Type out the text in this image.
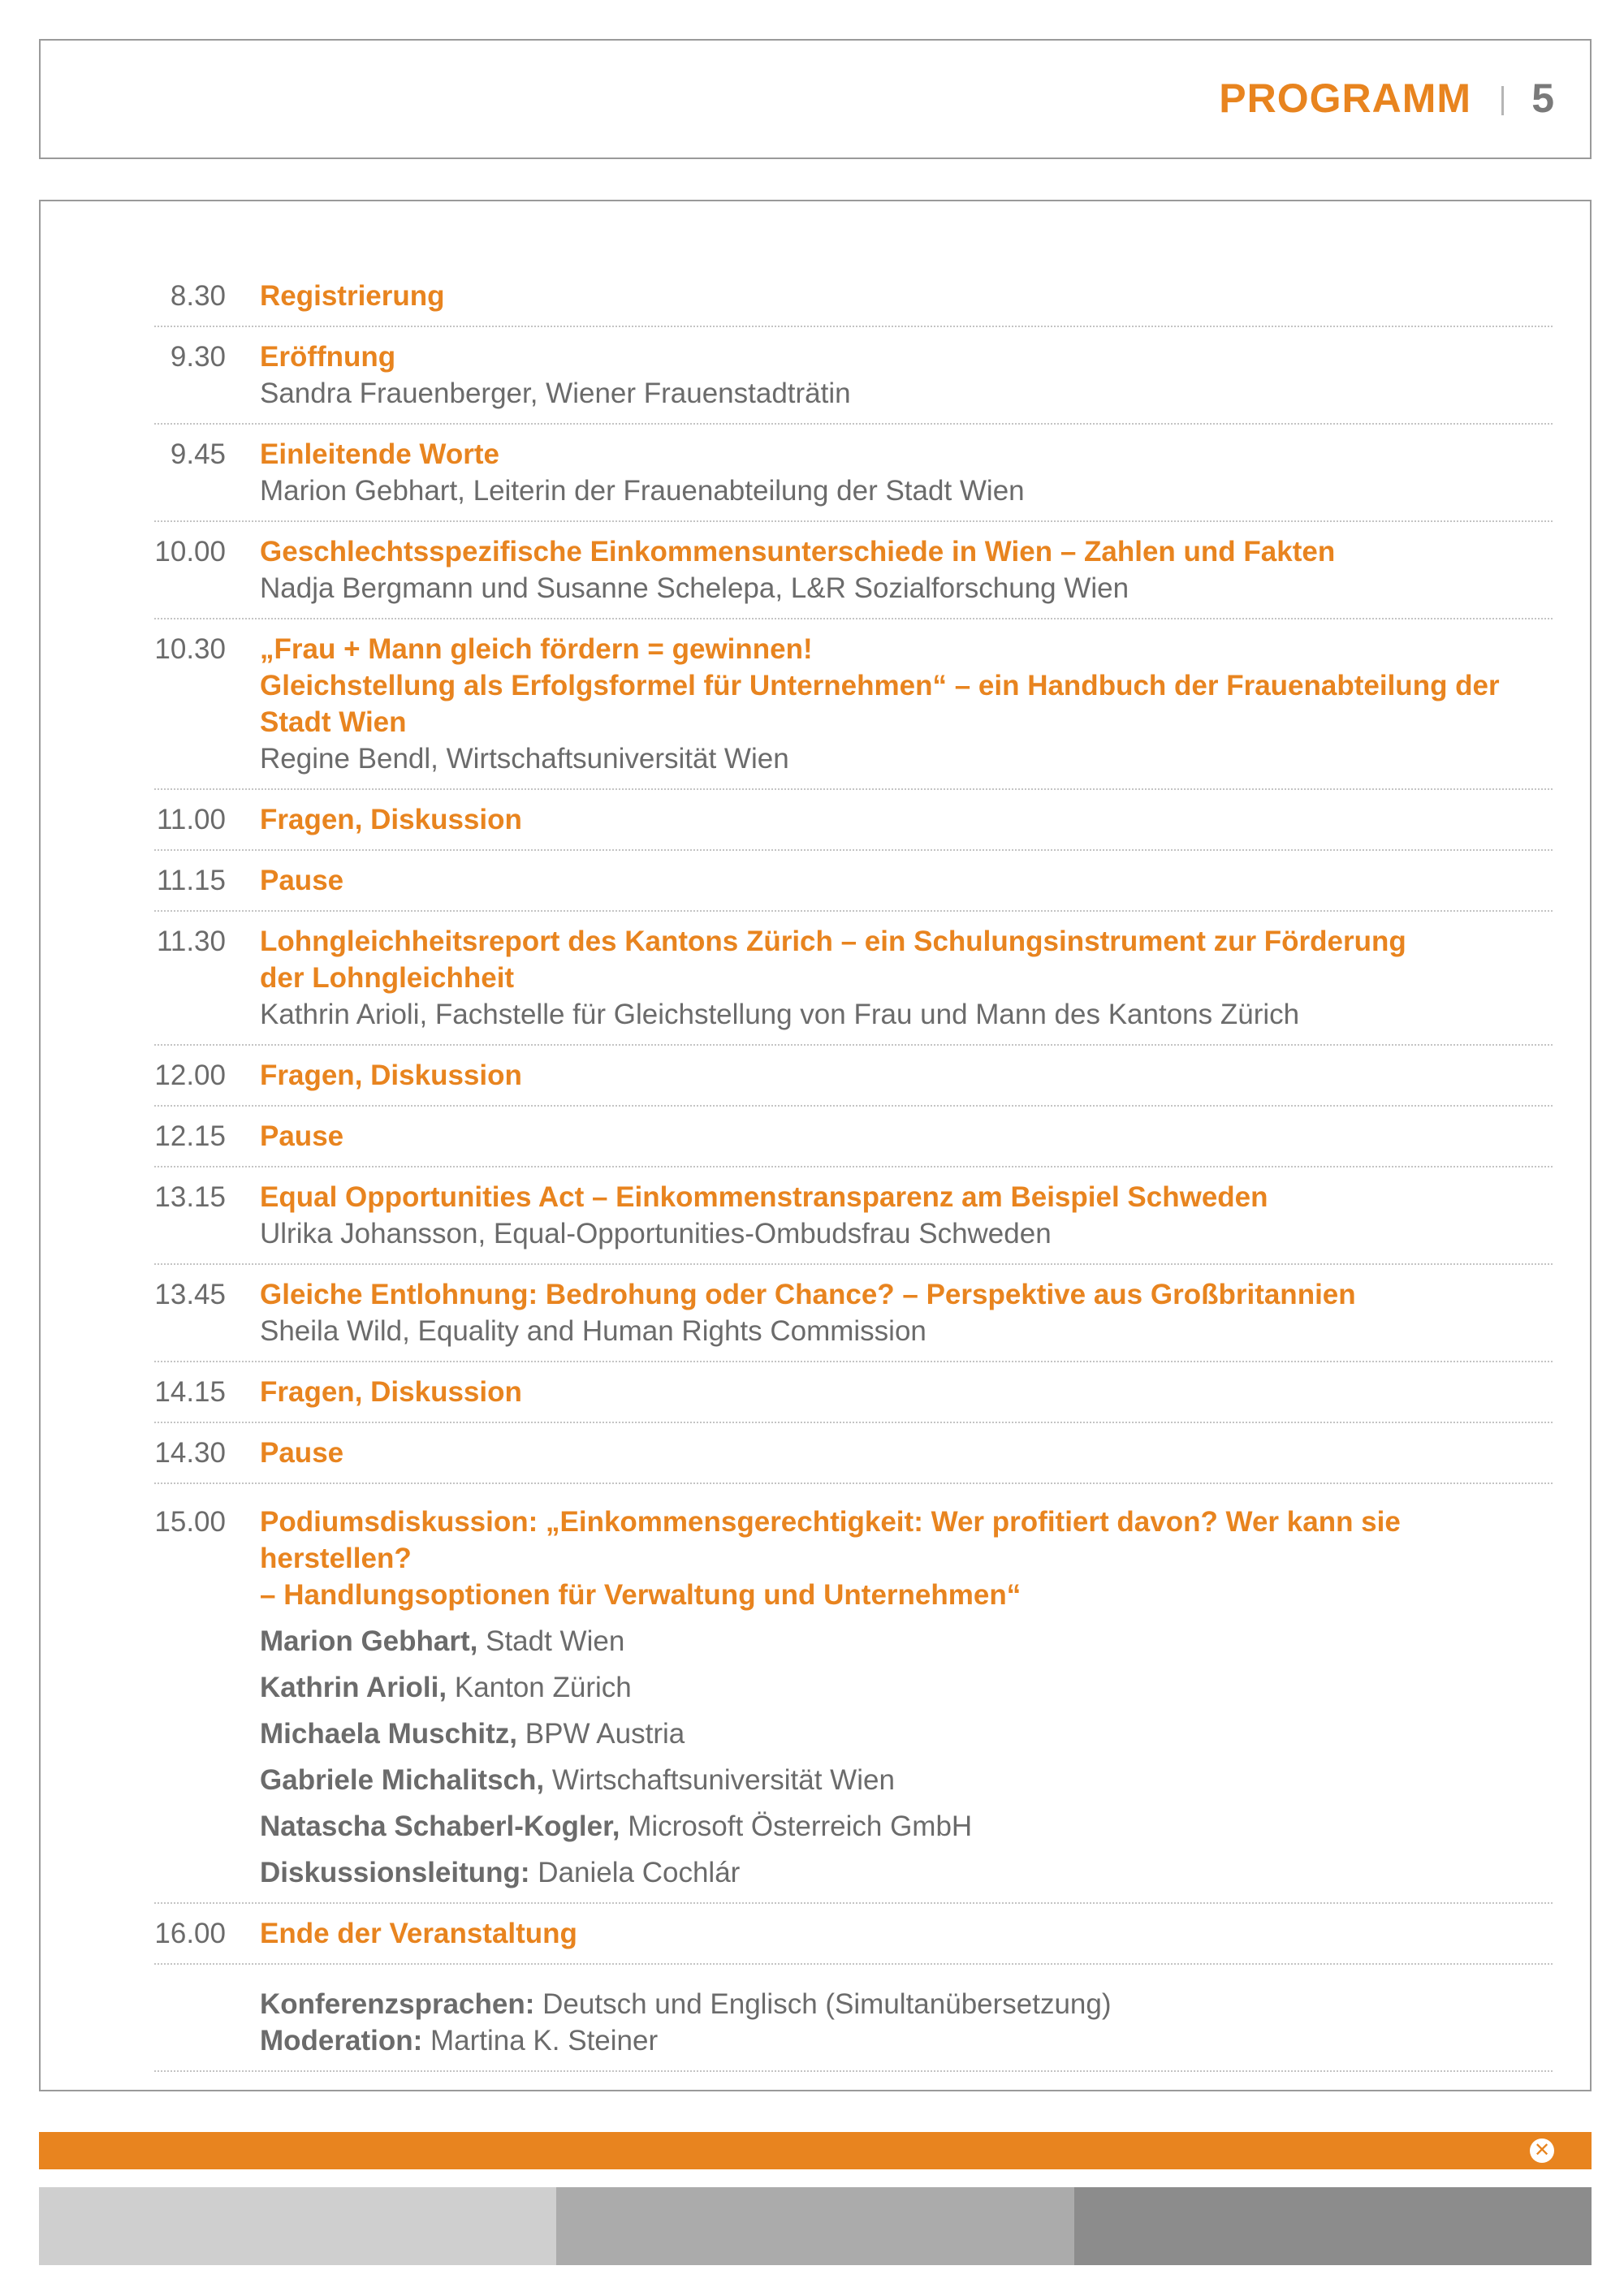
PROGRAMM 5
8.30 Registrierung
9.30 Eröffnung
Sandra Frauenberger, Wiener Frauenstadträtin
9.45 Einleitende Worte
Marion Gebhart, Leiterin der Frauenabteilung der Stadt Wien
10.00 Geschlechtsspezifische Einkommensunterschiede in Wien – Zahlen und Fakten
Nadja Bergmann und Susanne Schelepa, L&R Sozialforschung Wien
10.30 „Frau + Mann gleich fördern = gewinnen!
Gleichstellung als Erfolgsformel für Unternehmen“ – ein Handbuch der Frauenabteilung der Stadt Wien
Regine Bendl, Wirtschaftsuniversität Wien
11.00 Fragen, Diskussion
11.15 Pause
11.30 Lohngleichheitsreport des Kantons Zürich – ein Schulungsinstrument zur Förderung
der Lohngleichheit
Kathrin Arioli, Fachstelle für Gleichstellung von Frau und Mann des Kantons Zürich
12.00 Fragen, Diskussion
12.15 Pause
13.15 Equal Opportunities Act – Einkommenstransparenz am Beispiel Schweden
Ulrika Johansson, Equal-Opportunities-Ombudsfrau Schweden
13.45 Gleiche Entlohnung: Bedrohung oder Chance? – Perspektive aus Großbritannien
Sheila Wild, Equality and Human Rights Commission
14.15 Fragen, Diskussion
14.30 Pause
15.00 Podiumsdiskussion: „Einkommensgerechtigkeit: Wer profitiert davon? Wer kann sie herstellen?
– Handlungsoptionen für Verwaltung und Unternehmen“
Marion Gebhart, Stadt Wien
Kathrin Arioli, Kanton Zürich
Michaela Muschitz, BPW Austria
Gabriele Michalitsch, Wirtschaftsuniversität Wien
Natascha Schaberl-Kogler, Microsoft Österreich GmbH
Diskussionsleitung: Daniela Cochlár
16.00 Ende der Veranstaltung
Konferenzsprachen: Deutsch und Englisch (Simultanübersetzung)
Moderation: Martina K. Steiner
✕
